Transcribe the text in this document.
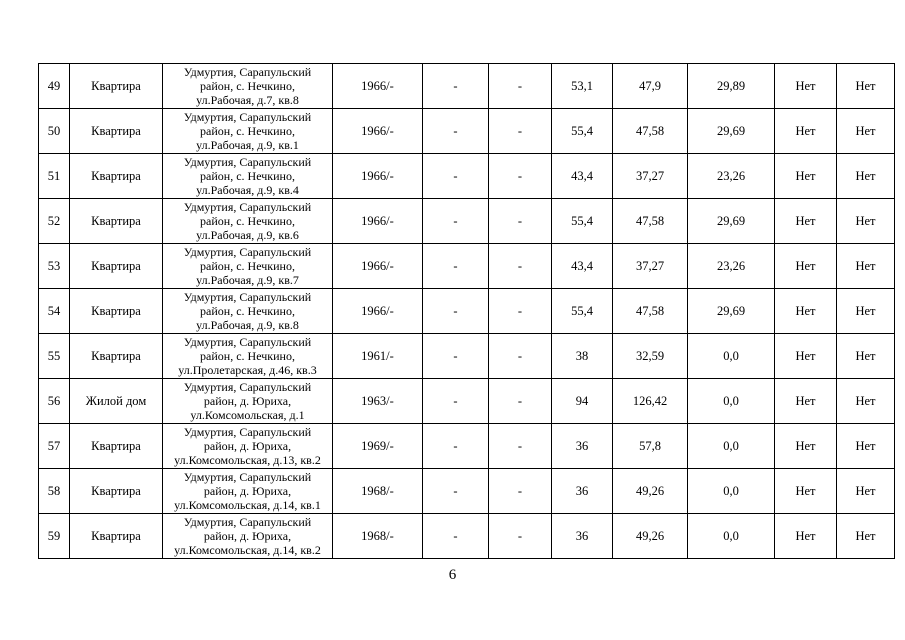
49	Квартира	Удмуртия, Сарапульский
район, с. Нечкино,
ул.Рабочая, д.7, кв.8	1966/-	-	-	53,1	47,9	29,89	Нет	Нет
50	Квартира	Удмуртия, Сарапульский
район, с. Нечкино,
ул.Рабочая, д.9, кв.1	1966/-	-	-	55,4	47,58	29,69	Нет	Нет
51	Квартира	Удмуртия, Сарапульский
район, с. Нечкино,
ул.Рабочая, д.9, кв.4	1966/-	-	-	43,4	37,27	23,26	Нет	Нет
52	Квартира	Удмуртия, Сарапульский
район, с. Нечкино,
ул.Рабочая, д.9, кв.6	1966/-	-	-	55,4	47,58	29,69	Нет	Нет
53	Квартира	Удмуртия, Сарапульский
район, с. Нечкино,
ул.Рабочая, д.9, кв.7	1966/-	-	-	43,4	37,27	23,26	Нет	Нет
54	Квартира	Удмуртия, Сарапульский
район, с. Нечкино,
ул.Рабочая, д.9, кв.8	1966/-	-	-	55,4	47,58	29,69	Нет	Нет
55	Квартира	Удмуртия, Сарапульский
район, с. Нечкино,
ул.Пролетарская, д.46, кв.3	1961/-	-	-	38	32,59	0,0	Нет	Нет
56	Жилой дом	Удмуртия, Сарапульский
район, д. Юриха,
ул.Комсомольская, д.1	1963/-	-	-	94	126,42	0,0	Нет	Нет
57	Квартира	Удмуртия, Сарапульский
район, д. Юриха,
ул.Комсомольская, д.13, кв.2	1969/-	-	-	36	57,8	0,0	Нет	Нет
58	Квартира	Удмуртия, Сарапульский
район, д. Юриха,
ул.Комсомольская, д.14, кв.1	1968/-	-	-	36	49,26	0,0	Нет	Нет
59	Квартира	Удмуртия, Сарапульский
район, д. Юриха,
ул.Комсомольская, д.14, кв.2	1968/-	-	-	36	49,26	0,0	Нет	Нет
6
